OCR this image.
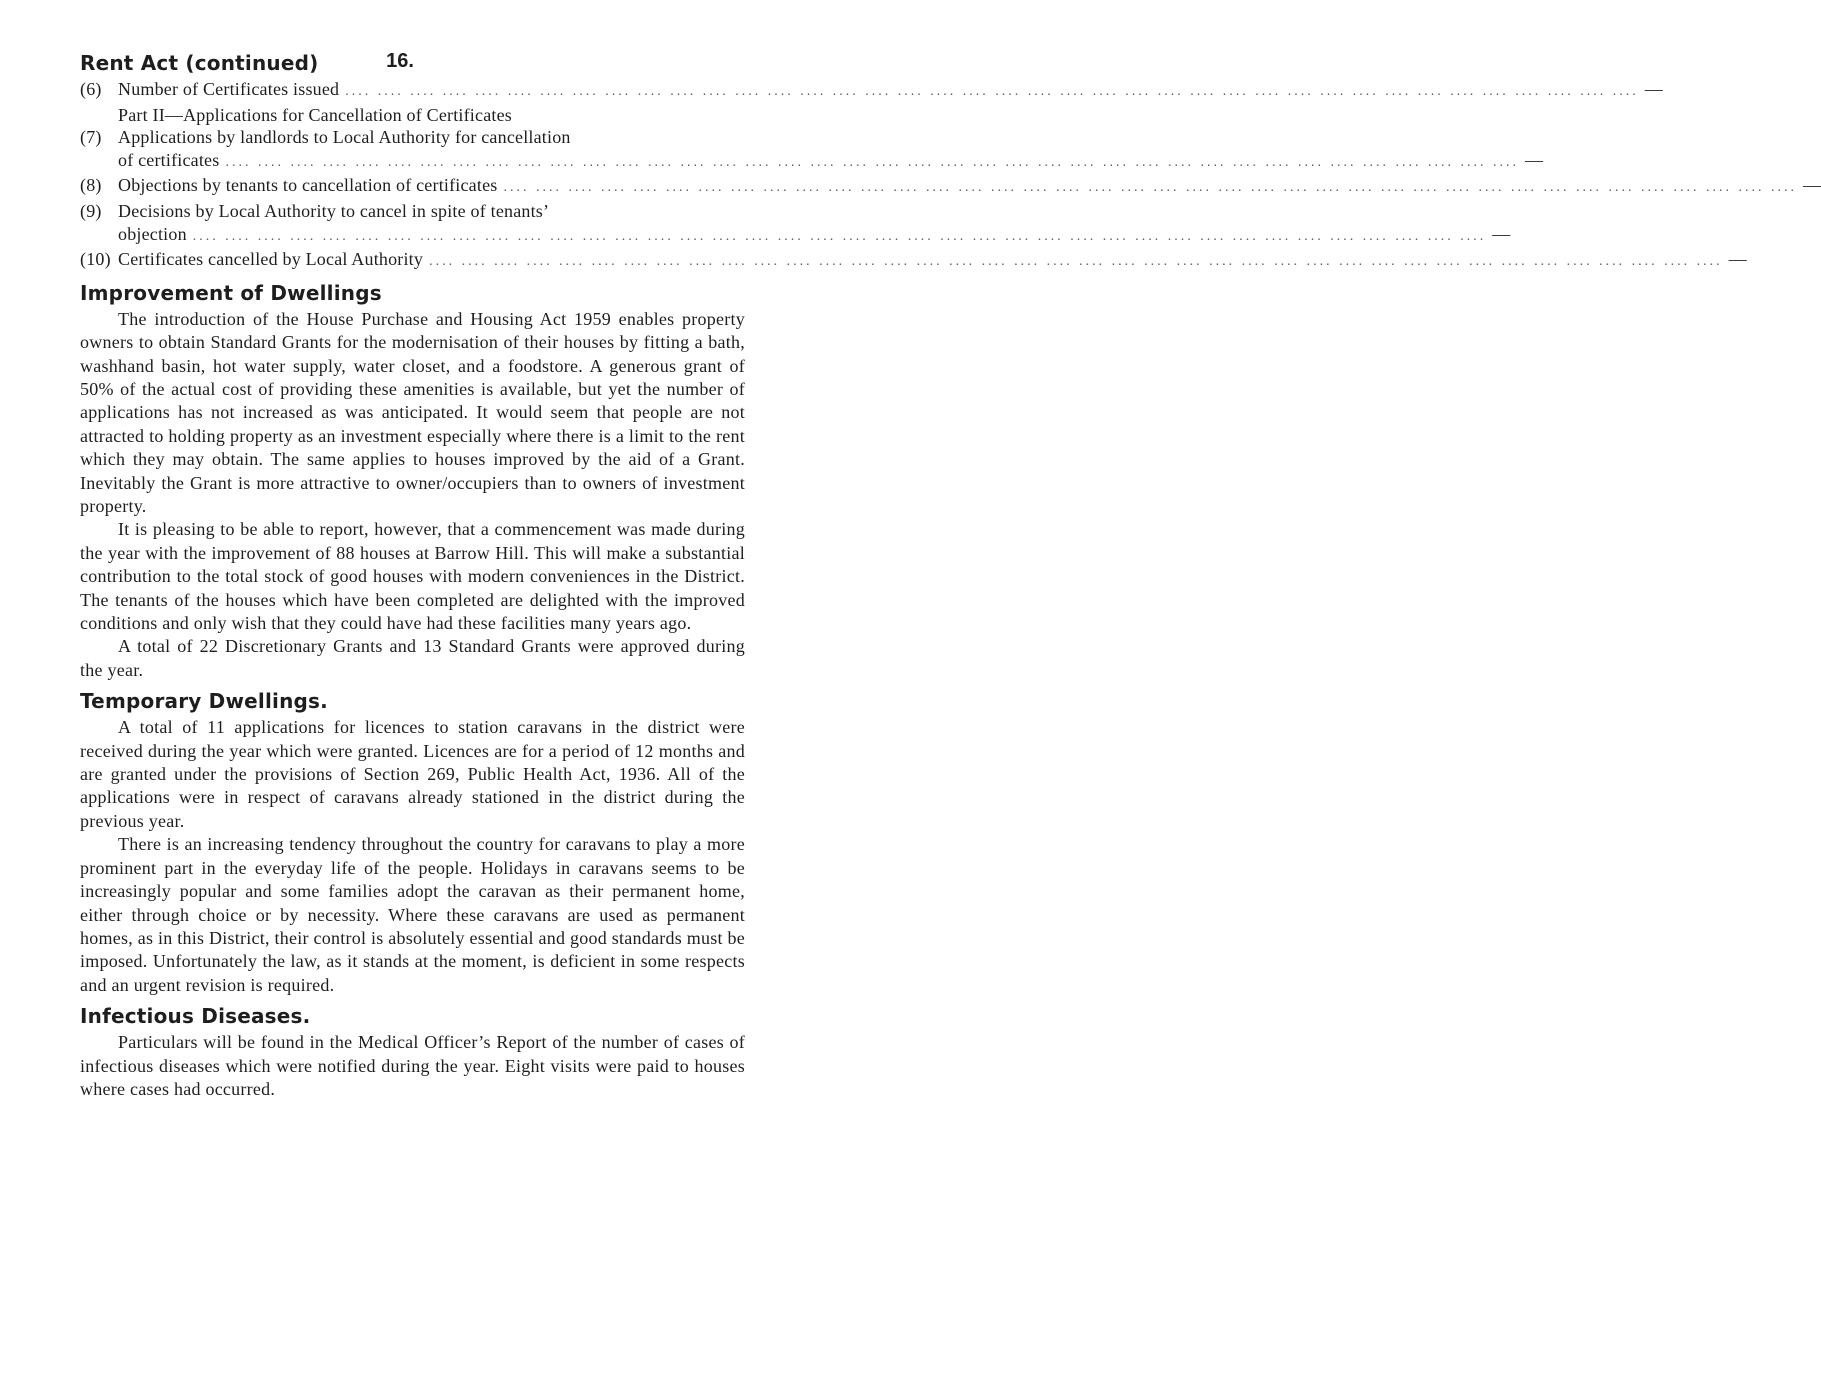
16.
Rent Act (continued)
(6) Number of Certificates issued .... .... .... .... .... .... .... .... .... .... .... .... .... .... .... .... .... .... .... .... .... .... .... .... .... .... .... .... .... .... .... .... .... .... .... .... .... .... .... .... —
Part II—Applications for Cancellation of Certificates
(7) Applications by landlords to Local Authority for cancellation
of certificates .... .... .... .... .... .... .... .... .... .... .... .... .... .... .... .... .... .... .... .... .... .... .... .... .... .... .... .... .... .... .... .... .... .... .... .... .... .... .... .... —
(8) Objections by tenants to cancellation of certificates .... .... .... .... .... .... .... .... .... .... .... .... .... .... .... .... .... .... .... .... .... .... .... .... .... .... .... .... .... .... .... .... .... .... .... .... .... .... .... .... —
(9) Decisions by Local Authority to cancel in spite of tenants’
objection .... .... .... .... .... .... .... .... .... .... .... .... .... .... .... .... .... .... .... .... .... .... .... .... .... .... .... .... .... .... .... .... .... .... .... .... .... .... .... .... —
(10) Certificates cancelled by Local Authority .... .... .... .... .... .... .... .... .... .... .... .... .... .... .... .... .... .... .... .... .... .... .... .... .... .... .... .... .... .... .... .... .... .... .... .... .... .... .... .... —
Improvement of Dwellings

The introduction of the House Purchase and Housing Act 1959 enables property owners to obtain Standard Grants for the modernisation of their houses by fitting a bath, washhand basin, hot water supply, water closet, and a foodstore. A generous grant of 50% of the actual cost of providing these amenities is available, but yet the number of applications has not increased as was anticipated. It would seem that people are not attracted to holding property as an investment especially where there is a limit to the rent which they may obtain. The same applies to houses improved by the aid of a Grant. Inevitably the Grant is more attractive to owner/occupiers than to owners of investment property.

It is pleasing to be able to report, however, that a commencement was made during the year with the improvement of 88 houses at Barrow Hill. This will make a substantial contribution to the total stock of good houses with modern conveniences in the District. The tenants of the houses which have been completed are delighted with the improved conditions and only wish that they could have had these facilities many years ago.

A total of 22 Discretionary Grants and 13 Standard Grants were approved during the year.

Temporary Dwellings.

A total of 11 applications for licences to station caravans in the district were received during the year which were granted. Licences are for a period of 12 months and are granted under the provisions of Section 269, Public Health Act, 1936. All of the applications were in respect of caravans already stationed in the district during the previous year.

There is an increasing tendency throughout the country for caravans to play a more prominent part in the everyday life of the people. Holidays in caravans seems to be increasingly popular and some families adopt the caravan as their permanent home, either through choice or by necessity. Where these caravans are used as permanent homes, as in this District, their control is absolutely essential and good standards must be imposed. Unfortunately the law, as it stands at the moment, is deficient in some respects and an urgent revision is required.

Infectious Diseases.

Particulars will be found in the Medical Officer’s Report of the number of cases of infectious diseases which were notified during the year. Eight visits were paid to houses where cases had occurred.
